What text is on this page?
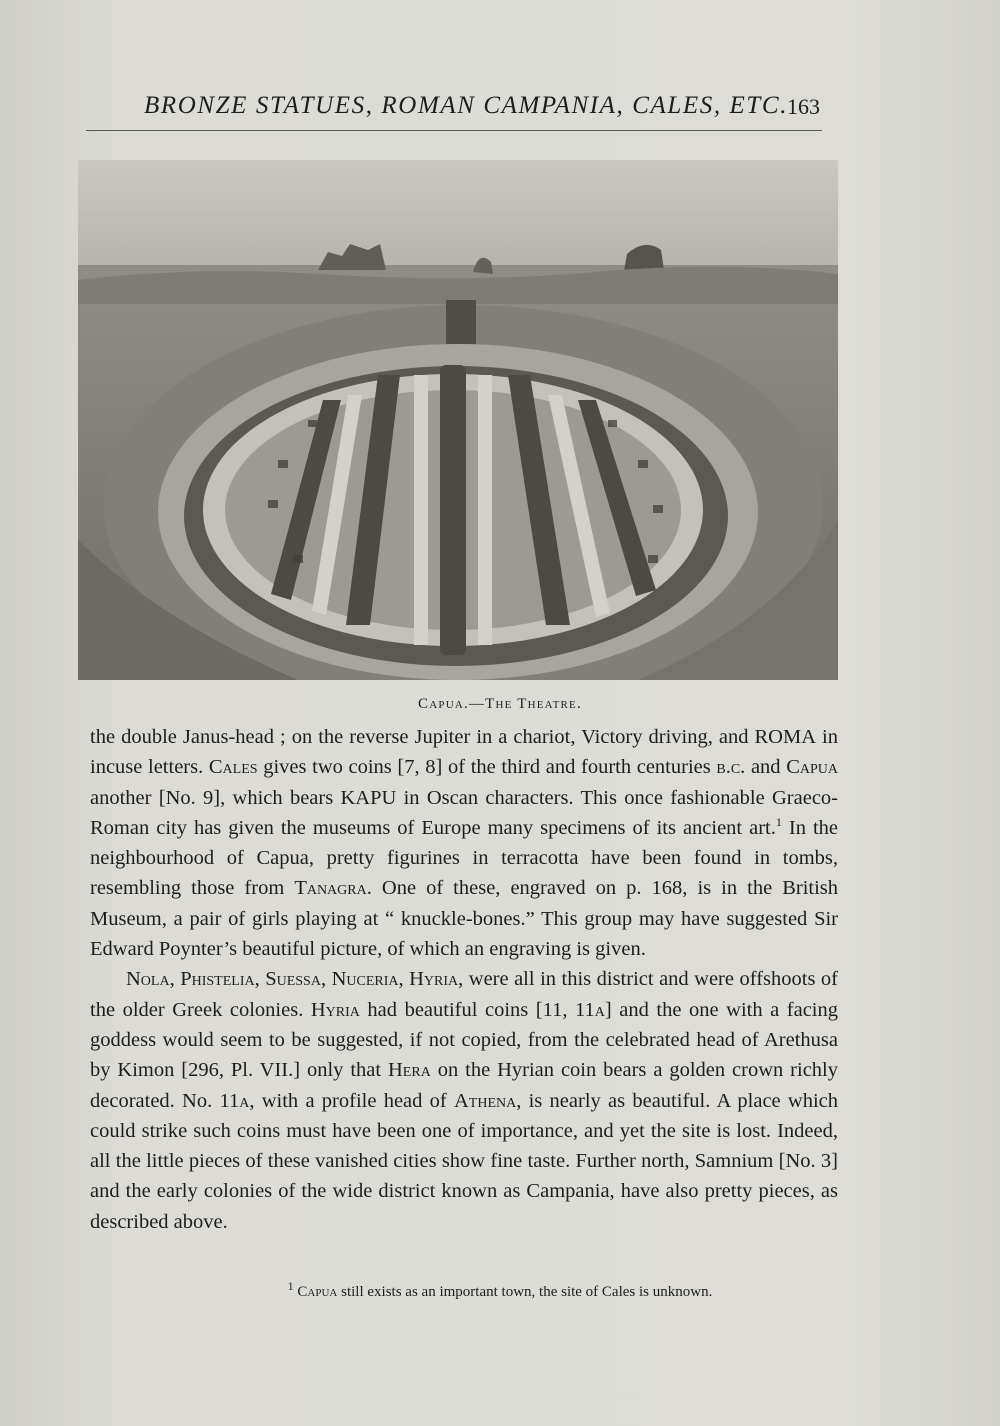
BRONZE STATUES, ROMAN CAMPANIA, CALES, ETC.
163
Capua.—The Theatre.

the double Janus-head ; on the reverse Jupiter in a chariot, Victory driving, and ROMA in incuse letters. Cales gives two coins [7, 8] of the third and fourth centuries b.c. and Capua another [No. 9], which bears KAPU in Oscan characters. This once fashionable Graeco-Roman city has given the museums of Europe many specimens of its ancient art.$^1$ In the neighbourhood of Capua, pretty figurines in terracotta have been found in tombs, resembling those from Tanagra. One of these, engraved on p. 168, is in the British Museum, a pair of girls playing at “ knuckle-bones.” This group may have suggested Sir Edward Poynter’s beautiful picture, of which an engraving is given.

Nola, Phistelia, Suessa, Nuceria, Hyria, were all in this district and were offshoots of the older Greek colonies. Hyria had beautiful coins [11, 11a] and the one with a facing goddess would seem to be suggested, if not copied, from the celebrated head of Arethusa by Kimon [296, Pl. VII.] only that Hera on the Hyrian coin bears a golden crown richly decorated. No. 11a, with a profile head of Athena, is nearly as beautiful. A place which could strike such coins must have been one of importance, and yet the site is lost. Indeed, all the little pieces of these vanished cities show fine taste. Further north, Samnium [No. 3] and the early colonies of the wide district known as Campania, have also pretty pieces, as described above.

$^1$ Capua still exists as an important town, the site of Cales is unknown.
